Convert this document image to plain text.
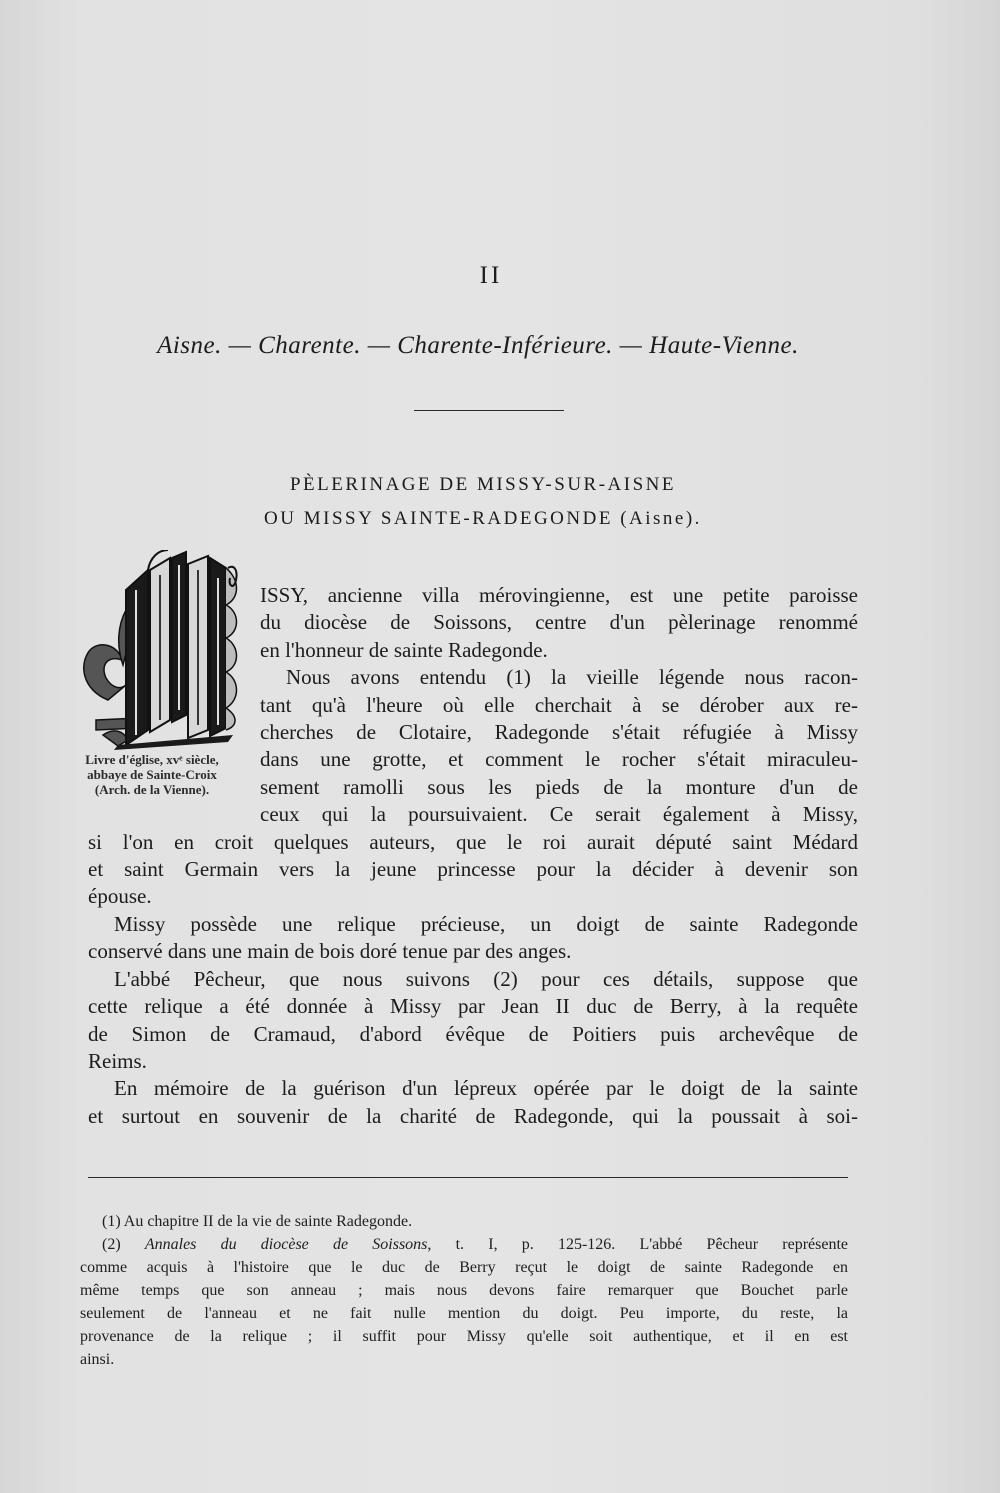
II
Aisne. — Charente. — Charente-Inférieure. — Haute-Vienne.
PÈLERINAGE DE MISSY-SUR-AISNE
OU MISSY SAINTE-RADEGONDE (Aisne).
Livre d'église, xvᵉ siècle,
abbaye de Sainte-Croix
(Arch. de la Vienne).
ISSY, ancienne villa mérovingienne, est une petite paroisse
du diocèse de Soissons, centre d'un pèlerinage renommé
en l'honneur de sainte Radegonde.
Nous avons entendu (1) la vieille légende nous racon-
tant qu'à l'heure où elle cherchait à se dérober aux re-
cherches de Clotaire, Radegonde s'était réfugiée à Missy
dans une grotte, et comment le rocher s'était miraculeu-
sement ramolli sous les pieds de la monture d'un de
ceux qui la poursuivaient. Ce serait également à Missy,
si l'on en croit quelques auteurs, que le roi aurait député saint Médard
et saint Germain vers la jeune princesse pour la décider à devenir son
épouse.
Missy possède une relique précieuse, un doigt de sainte Radegonde
conservé dans une main de bois doré tenue par des anges.
L'abbé Pêcheur, que nous suivons (2) pour ces détails, suppose que
cette relique a été donnée à Missy par Jean II duc de Berry, à la requête
de Simon de Cramaud, d'abord évêque de Poitiers puis archevêque de
Reims.
En mémoire de la guérison d'un lépreux opérée par le doigt de la sainte
et surtout en souvenir de la charité de Radegonde, qui la poussait à soi-
(1) Au chapitre II de la vie de sainte Radegonde.
(2) Annales du diocèse de Soissons, t. I, p. 125-126. L'abbé Pêcheur représente
comme acquis à l'histoire que le duc de Berry reçut le doigt de sainte Radegonde en
même temps que son anneau ; mais nous devons faire remarquer que Bouchet parle
seulement de l'anneau et ne fait nulle mention du doigt. Peu importe, du reste, la
provenance de la relique ; il suffit pour Missy qu'elle soit authentique, et il en est
ainsi.
